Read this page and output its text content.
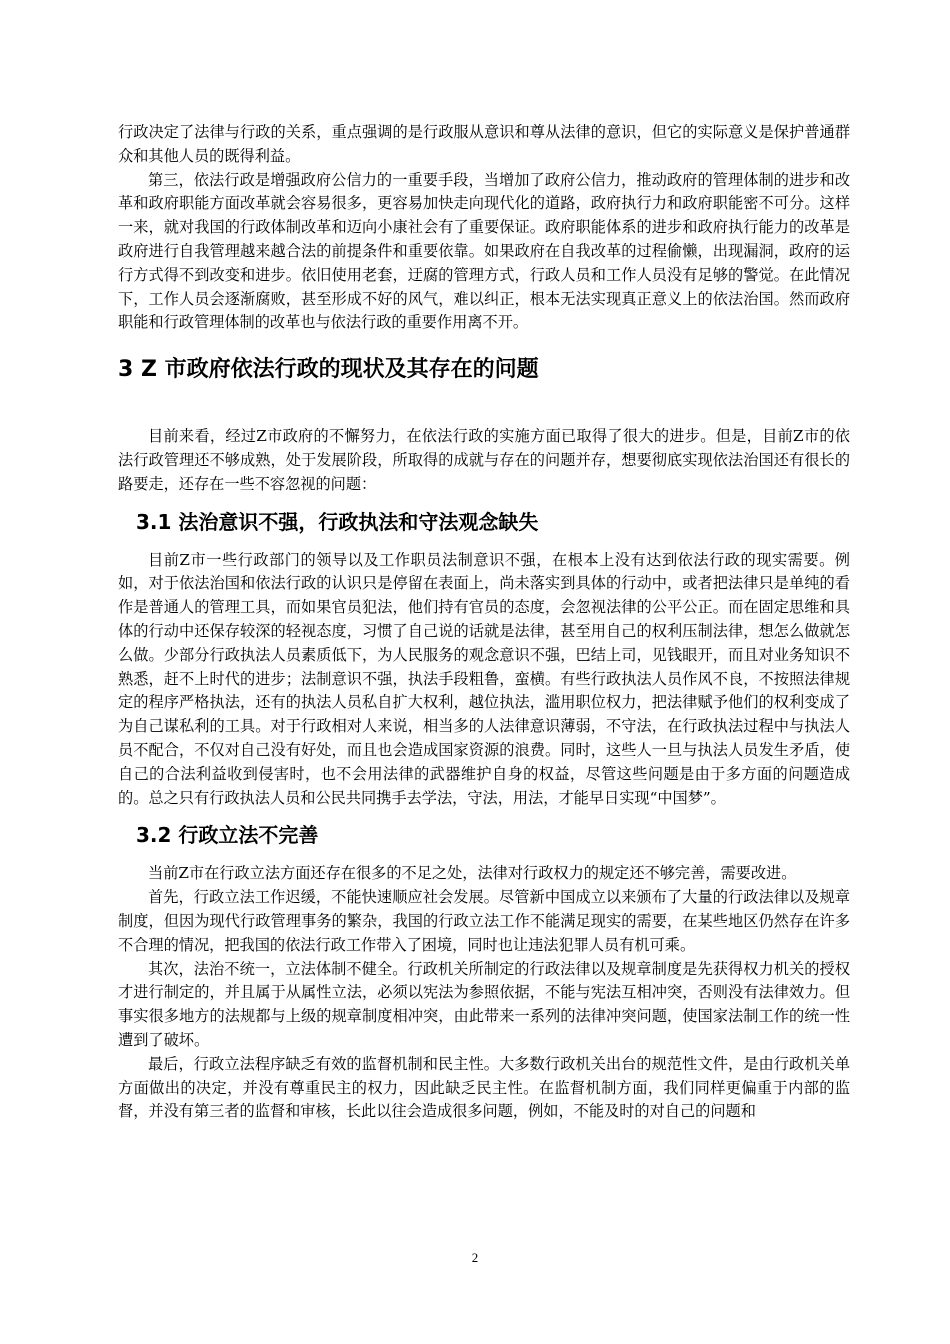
行政决定了法律与行政的关系，重点强调的是行政服从意识和尊从法律的意识，但它的实际意义是保护普通群众和其他人员的既得利益。

第三，依法行政是增强政府公信力的一重要手段，当增加了政府公信力，推动政府的管理体制的进步和改革和政府职能方面改革就会容易很多，更容易加快走向现代化的道路，政府执行力和政府职能密不可分。这样一来，就对我国的行政体制改革和迈向小康社会有了重要保证。政府职能体系的进步和政府执行能力的改革是政府进行自我管理越来越合法的前提条件和重要依靠。如果政府在自我改革的过程偷懒，出现漏洞，政府的运行方式得不到改变和进步。依旧使用老套，迂腐的管理方式，行政人员和工作人员没有足够的警觉。在此情况下，工作人员会逐渐腐败，甚至形成不好的风气，难以纠正，根本无法实现真正意义上的依法治国。然而政府职能和行政管理体制的改革也与依法行政的重要作用离不开。

3 Z 市政府依法行政的现状及其存在的问题

目前来看，经过Z市政府的不懈努力，在依法行政的实施方面已取得了很大的进步。但是，目前Z市的依法行政管理还不够成熟，处于发展阶段，所取得的成就与存在的问题并存，想要彻底实现依法治国还有很长的路要走，还存在一些不容忽视的问题：

3.1 法治意识不强，行政执法和守法观念缺失

目前Z市一些行政部门的领导以及工作职员法制意识不强，在根本上没有达到依法行政的现实需要。例如，对于依法治国和依法行政的认识只是停留在表面上，尚未落实到具体的行动中，或者把法律只是单纯的看作是普通人的管理工具，而如果官员犯法，他们持有官员的态度，会忽视法律的公平公正。而在固定思维和具体的行动中还保存较深的轻视态度，习惯了自己说的话就是法律，甚至用自己的权利压制法律，想怎么做就怎么做。少部分行政执法人员素质低下，为人民服务的观念意识不强，巴结上司，见钱眼开，而且对业务知识不熟悉，赶不上时代的进步；法制意识不强，执法手段粗鲁，蛮横。有些行政执法人员作风不良，不按照法律规定的程序严格执法，还有的执法人员私自扩大权利，越位执法，滥用职位权力，把法律赋予他们的权利变成了为自己谋私利的工具。对于行政相对人来说，相当多的人法律意识薄弱，不守法，在行政执法过程中与执法人员不配合，不仅对自己没有好处，而且也会造成国家资源的浪费。同时，这些人一旦与执法人员发生矛盾，使自己的合法利益收到侵害时，也不会用法律的武器维护自身的权益，尽管这些问题是由于多方面的问题造成的。总之只有行政执法人员和公民共同携手去学法，守法，用法，才能早日实现“中国梦”。

3.2 行政立法不完善

当前Z市在行政立法方面还存在很多的不足之处，法律对行政权力的规定还不够完善，需要改进。

首先，行政立法工作迟缓，不能快速顺应社会发展。尽管新中国成立以来颁布了大量的行政法律以及规章制度，但因为现代行政管理事务的繁杂，我国的行政立法工作不能满足现实的需要，在某些地区仍然存在许多不合理的情况，把我国的依法行政工作带入了困境，同时也让违法犯罪人员有机可乘。

其次，法治不统一，立法体制不健全。行政机关所制定的行政法律以及规章制度是先获得权力机关的授权才进行制定的，并且属于从属性立法，必须以宪法为参照依据，不能与宪法互相冲突，否则没有法律效力。但事实很多地方的法规都与上级的规章制度相冲突，由此带来一系列的法律冲突问题，使国家法制工作的统一性遭到了破坏。

最后，行政立法程序缺乏有效的监督机制和民主性。大多数行政机关出台的规范性文件，是由行政机关单方面做出的决定，并没有尊重民主的权力，因此缺乏民主性。在监督机制方面，我们同样更偏重于内部的监督，并没有第三者的监督和审核，长此以往会造成很多问题，例如，不能及时的对自己的问题和

2
